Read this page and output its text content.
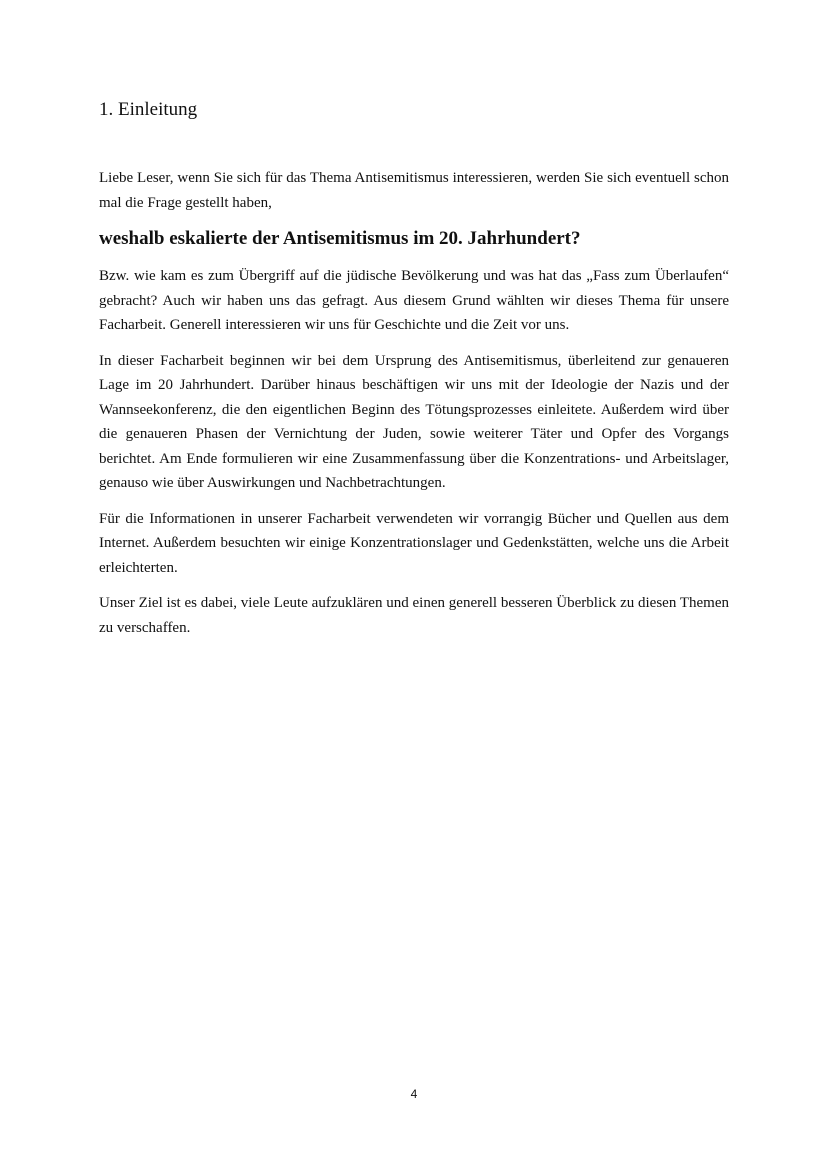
1. Einleitung

Liebe Leser, wenn Sie sich für das Thema Antisemitismus interessieren, werden Sie sich eventuell schon mal die Frage gestellt haben,

weshalb eskalierte der Antisemitismus im 20. Jahrhundert?

Bzw. wie kam es zum Übergriff auf die jüdische Bevölkerung und was hat das „Fass zum Überlaufen“ gebracht? Auch wir haben uns das gefragt. Aus diesem Grund wählten wir dieses Thema für unsere Facharbeit. Generell interessieren wir uns für Geschichte und die Zeit vor uns.

In dieser Facharbeit beginnen wir bei dem Ursprung des Antisemitismus, überleitend zur genaueren Lage im 20 Jahrhundert. Darüber hinaus beschäftigen wir uns mit der Ideologie der Nazis und der Wannseekonferenz, die den eigentlichen Beginn des Tötungsprozesses einleitete. Außerdem wird über die genaueren Phasen der Vernichtung der Juden, sowie weiterer Täter und Opfer des Vorgangs berichtet. Am Ende formulieren wir eine Zusammenfassung über die Konzentrations- und Arbeitslager, genauso wie über Auswirkungen und Nachbetrachtungen.

Für die Informationen in unserer Facharbeit verwendeten wir vorrangig Bücher und Quellen aus dem Internet. Außerdem besuchten wir einige Konzentrationslager und Gedenkstätten, welche uns die Arbeit erleichterten.

Unser Ziel ist es dabei, viele Leute aufzuklären und einen generell besseren Überblick zu diesen Themen zu verschaffen.

4
